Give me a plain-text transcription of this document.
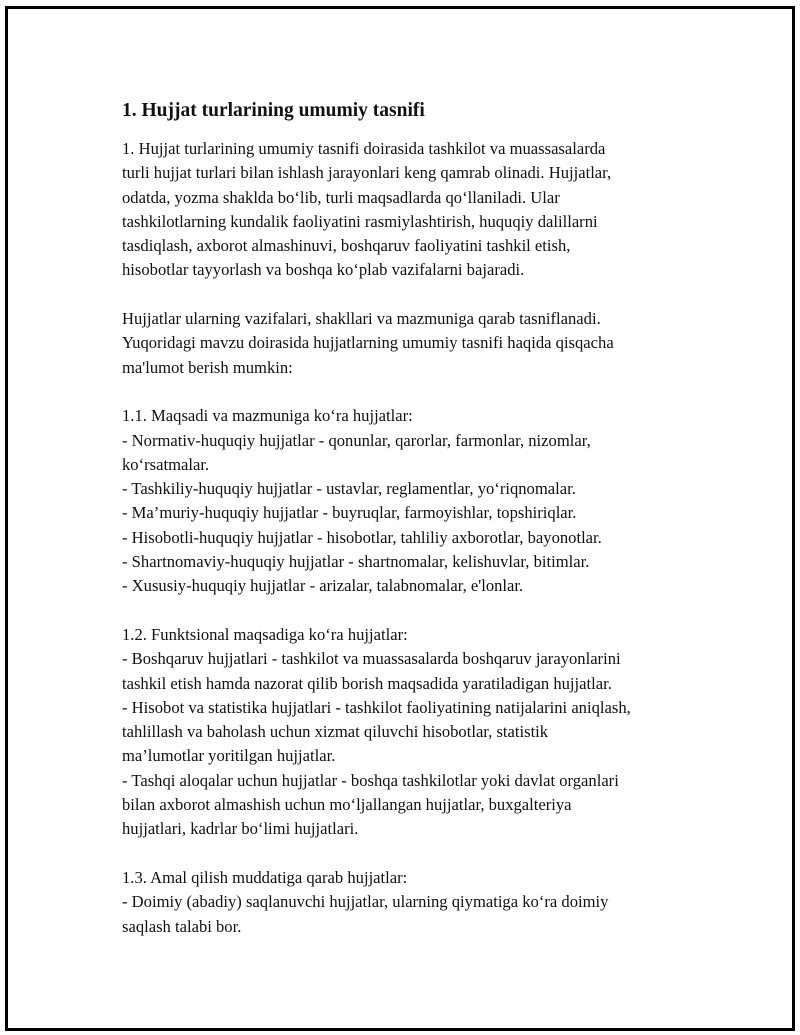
1. Hujjat turlarining umumiy tasnifi
1. Hujjat turlarining umumiy tasnifi doirasida tashkilot va muassasalarda
turli hujjat turlari bilan ishlash jarayonlari keng qamrab olinadi. Hujjatlar,
odatda, yozma shaklda bo‘lib, turli maqsadlarda qo‘llaniladi. Ular
tashkilotlarning kundalik faoliyatini rasmiylashtirish, huquqiy dalillarni
tasdiqlash, axborot almashinuvi, boshqaruv faoliyatini tashkil etish,
hisobotlar tayyorlash va boshqa ko‘plab vazifalarni bajaradi.
Hujjatlar ularning vazifalari, shakllari va mazmuniga qarab tasniflanadi.
Yuqoridagi mavzu doirasida hujjatlarning umumiy tasnifi haqida qisqacha
ma'lumot berish mumkin:
1.1. Maqsadi va mazmuniga ko‘ra hujjatlar:
- Normativ-huquqiy hujjatlar - qonunlar, qarorlar, farmonlar, nizomlar,
ko‘rsatmalar.
- Tashkiliy-huquqiy hujjatlar - ustavlar, reglamentlar, yo‘riqnomalar.
- Ma’muriy-huquqiy hujjatlar - buyruqlar, farmoyishlar, topshiriqlar.
- Hisobotli-huquqiy hujjatlar - hisobotlar, tahliliy axborotlar, bayonotlar.
- Shartnomaviy-huquqiy hujjatlar - shartnomalar, kelishuvlar, bitimlar.
- Xususiy-huquqiy hujjatlar - arizalar, talabnomalar, e'lonlar.
1.2. Funktsional maqsadiga ko‘ra hujjatlar:
- Boshqaruv hujjatlari - tashkilot va muassasalarda boshqaruv jarayonlarini
tashkil etish hamda nazorat qilib borish maqsadida yaratiladigan hujjatlar.
- Hisobot va statistika hujjatlari - tashkilot faoliyatining natijalarini aniqlash,
tahlillash va baholash uchun xizmat qiluvchi hisobotlar, statistik
ma’lumotlar yoritilgan hujjatlar.
- Tashqi aloqalar uchun hujjatlar - boshqa tashkilotlar yoki davlat organlari
bilan axborot almashish uchun mo‘ljallangan hujjatlar, buxgalteriya
hujjatlari, kadrlar bo‘limi hujjatlari.
1.3. Amal qilish muddatiga qarab hujjatlar:
- Doimiy (abadiy) saqlanuvchi hujjatlar, ularning qiymatiga ko‘ra doimiy
saqlash talabi bor.
